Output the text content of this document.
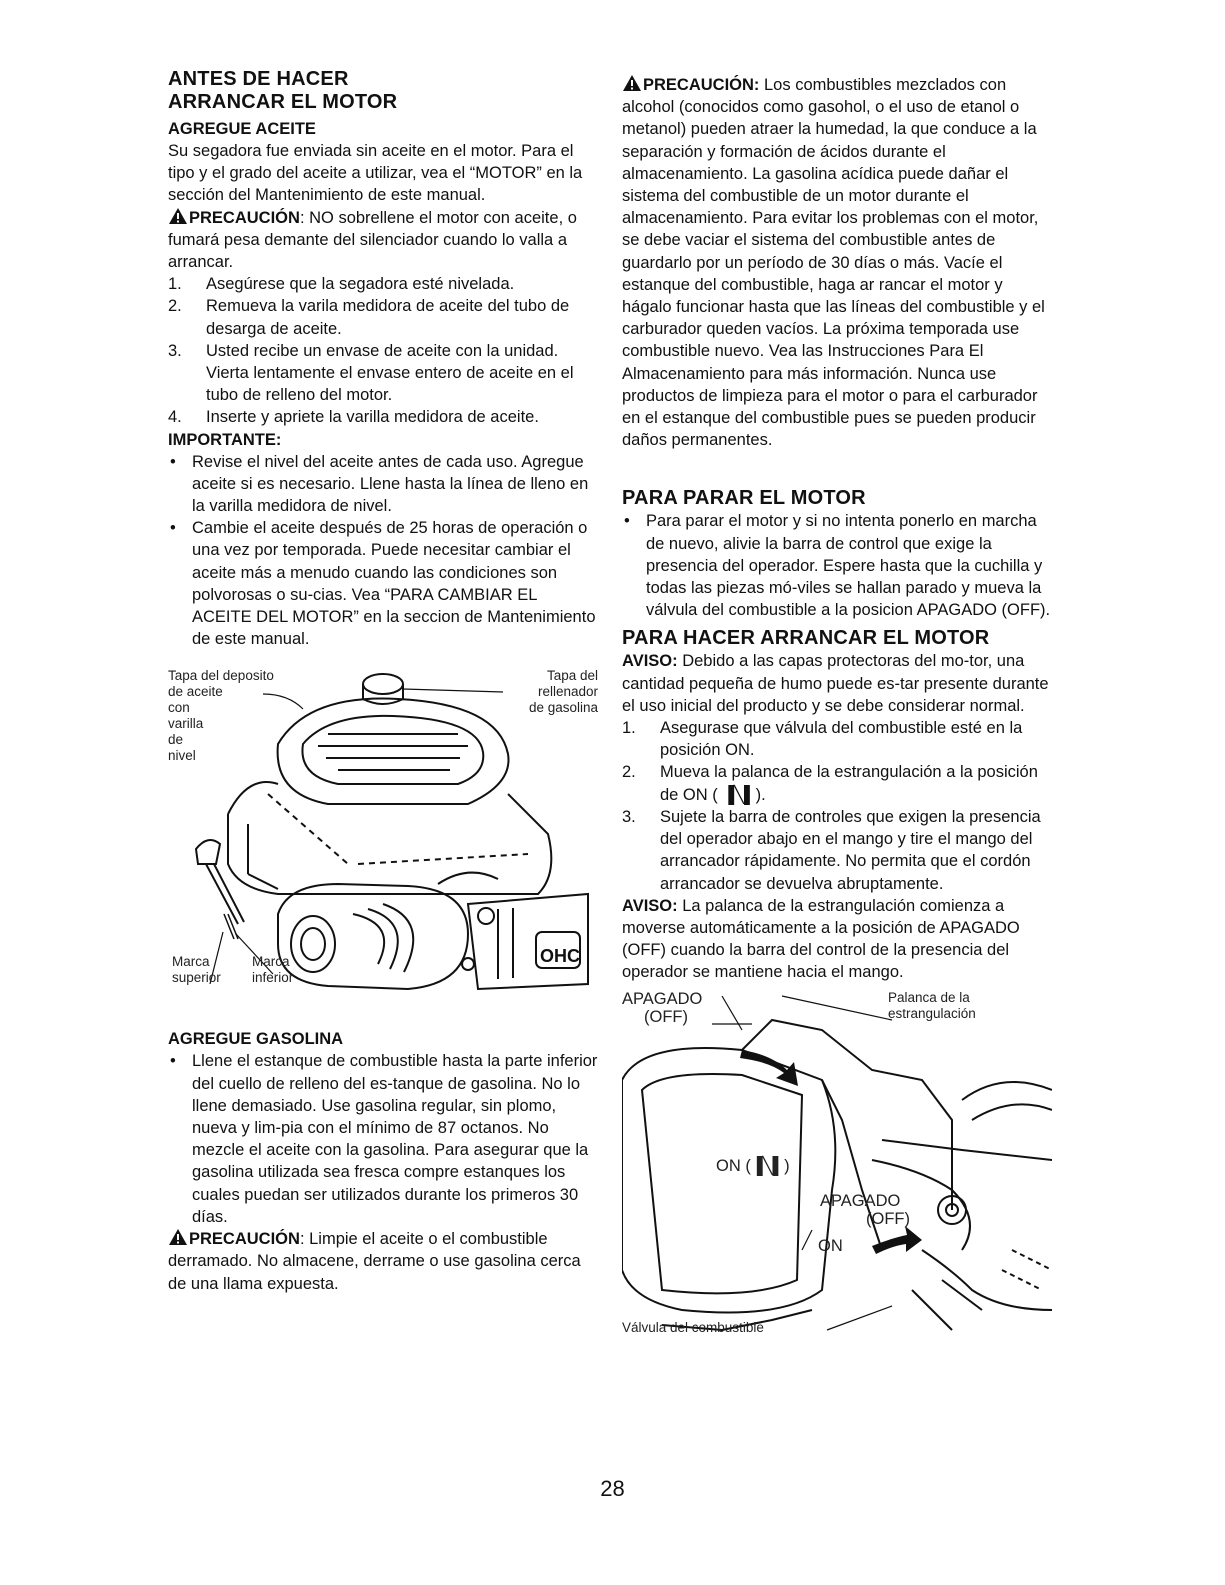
ANTES DE HACER
ARRANCAR EL MOTOR
AGREGUE ACEITE

Su segadora fue enviada sin aceite en el motor. Para el tipo y el grado del aceite a utilizar, vea el “MOTOR” en la sección del Mantenimiento de este manual.

PRECAUCIÓN: NO sobrellene el motor con aceite, o fumará pesa demante del silenciador cuando lo valla a arrancar.

1.	Asegúrese que la segadora esté nivelada.
2.	Remueva la varila medidora de aceite del tubo de desarga de aceite.
3.	Usted recibe un envase de aceite con la unidad. Vierta lentamente el envase entero de aceite en el tubo de relleno del motor.
4.	Inserte y apriete la varilla medidora de aceite.
IMPORTANTE:
• Revise el nivel del aceite antes de cada uso. Agregue aceite si es necesario. Llene hasta la línea de lleno en la varilla medidora de nivel.
• Cambie el aceite después de 25 horas de operación o una vez por temporada. Puede necesitar cambiar el aceite más a menudo cuando las condiciones son polvorosas o su-cias. Vea “PARA CAMBIAR EL ACEITE DEL MOTOR” en la seccion de Mantenimiento de este manual.
OHC
Tapa del deposito
de aceite
con
varilla
de
nivel
Tapa del
rellenador
de gasolina
Marca
superior
Marca
inferior
AGREGUE GASOLINA
• Llene el estanque de combustible hasta la parte inferior del cuello de relleno del es-tanque de gasolina. No lo llene demasiado. Use gasolina regular, sin plomo, nueva y lim-pia con el mínimo de 87 octanos. No mezcle el aceite con la gasolina. Para asegurar que la gasolina utilizada sea fresca compre estanques los cuales puedan ser utilizados durante los primeros 30 días.

PRECAUCIÓN: Limpie el aceite o el combustible derramado. No almacene, derrame o use gasolina cerca de una llama expuesta.

PRECAUCIÓN: Los combustibles mezclados con alcohol (conocidos como gasohol, o el uso de etanol o metanol) pueden atraer la humedad, la que conduce a la separación y formación de ácidos durante el almacenamiento. La gasolina acídica puede dañar el sistema del combustible de un motor durante el almacenamiento. Para evitar los problemas con el motor, se debe vaciar el sistema del combustible antes de guardarlo por un período de 30 días o más. Vacíe el estanque del combustible, haga ar rancar el motor y hágalo funcionar hasta que las líneas del combustible y el carburador queden vacíos. La próxima temporada use combustible nuevo. Vea las Instrucciones Para El Almacenamiento para más información. Nunca use productos de limpieza para el motor o para el carburador en el estanque del combustible pues se pueden producir daños permanentes.

PARA PARAR EL MOTOR
• Para parar el motor y si no intenta ponerlo en marcha de nuevo, alivie la barra de control que exige la presencia del operador. Espere hasta que la cuchilla y todas las piezas mó-viles se hallan parado y mueva la válvula del combustible a la posicion APAGADO (OFF).
PARA HACER ARRANCAR EL MOTOR

AVISO: Debido a las capas protectoras del mo-tor, una cantidad pequeña de humo puede es-tar presente durante el uso inicial del producto y se debe considerar normal.

1.	Asegurase que válvula del combustible esté en la posición ON.
2.	Mueva la palanca de la estrangulación a la posición de ON ( ▐╲▌).
3.	Sujete la barra de controles que exigen la presencia del operador abajo en el mango y tire el mango del arrancador rápidamente. No permita que el cordón arrancador se devuelva abruptamente.

AVISO: La palanca de la estrangulación comienza a moverse automáticamente a la posición de APAGADO (OFF) cuando la barra del control de la presencia del operador se mantiene hacia el mango.

APAGADO
(OFF)
Palanca de la
estrangulación
ON (▐╲▌)
APAGADO
(OFF)
ON
Válvula del combustible
28
